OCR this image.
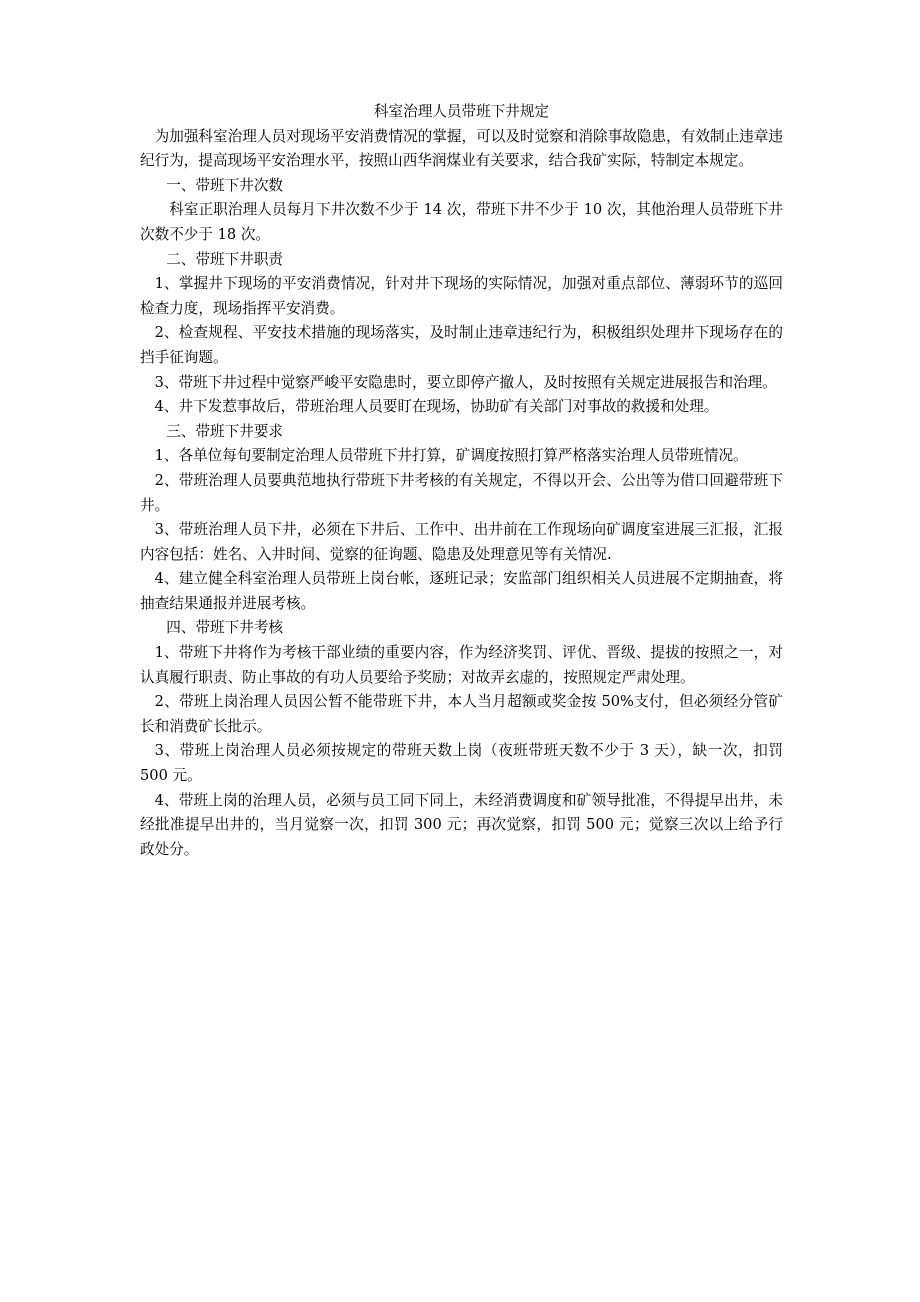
科室治理人员带班下井规定

为加强科室治理人员对现场平安消费情况的掌握，可以及时觉察和消除事故隐患，有效制止违章违纪行为，提高现场平安治理水平，按照山西华润煤业有关要求，结合我矿实际，特制定本规定。

一、带班下井次数

科室正职治理人员每月下井次数不少于 14 次，带班下井不少于 10 次，其他治理人员带班下井次数不少于 18 次。

二、带班下井职责

1、掌握井下现场的平安消费情况，针对井下现场的实际情况，加强对重点部位、薄弱环节的巡回检查力度，现场指挥平安消费。

2、检查规程、平安技术措施的现场落实，及时制止违章违纪行为，积极组织处理井下现场存在的挡手征询题。

3、带班下井过程中觉察严峻平安隐患时，要立即停产撤人，及时按照有关规定进展报告和治理。

4、井下发惹事故后，带班治理人员要盯在现场，协助矿有关部门对事故的救援和处理。

三、带班下井要求

1、各单位每旬要制定治理人员带班下井打算，矿调度按照打算严格落实治理人员带班情况。

2、带班治理人员要典范地执行带班下井考核的有关规定，不得以开会、公出等为借口回避带班下井。

3、带班治理人员下井，必须在下井后、工作中、出井前在工作现场向矿调度室进展三汇报，汇报内容包括：姓名、入井时间、觉察的征询题、隐患及处理意见等有关情况.

4、建立健全科室治理人员带班上岗台帐，逐班记录；安监部门组织相关人员进展不定期抽查，将抽查结果通报并进展考核。

四、带班下井考核

1、带班下井将作为考核干部业绩的重要内容，作为经济奖罚、评优、晋级、提拔的按照之一，对认真履行职责、防止事故的有功人员要给予奖励；对故弄玄虚的，按照规定严肃处理。

2、带班上岗治理人员因公暂不能带班下井，本人当月超额或奖金按 50%支付，但必须经分管矿长和消费矿长批示。

3、带班上岗治理人员必须按规定的带班天数上岗（夜班带班天数不少于 3 天），缺一次，扣罚 500 元。

4、带班上岗的治理人员，必须与员工同下同上，未经消费调度和矿领导批准，不得提早出井，未经批准提早出井的，当月觉察一次，扣罚 300 元；再次觉察，扣罚 500 元；觉察三次以上给予行政处分。
